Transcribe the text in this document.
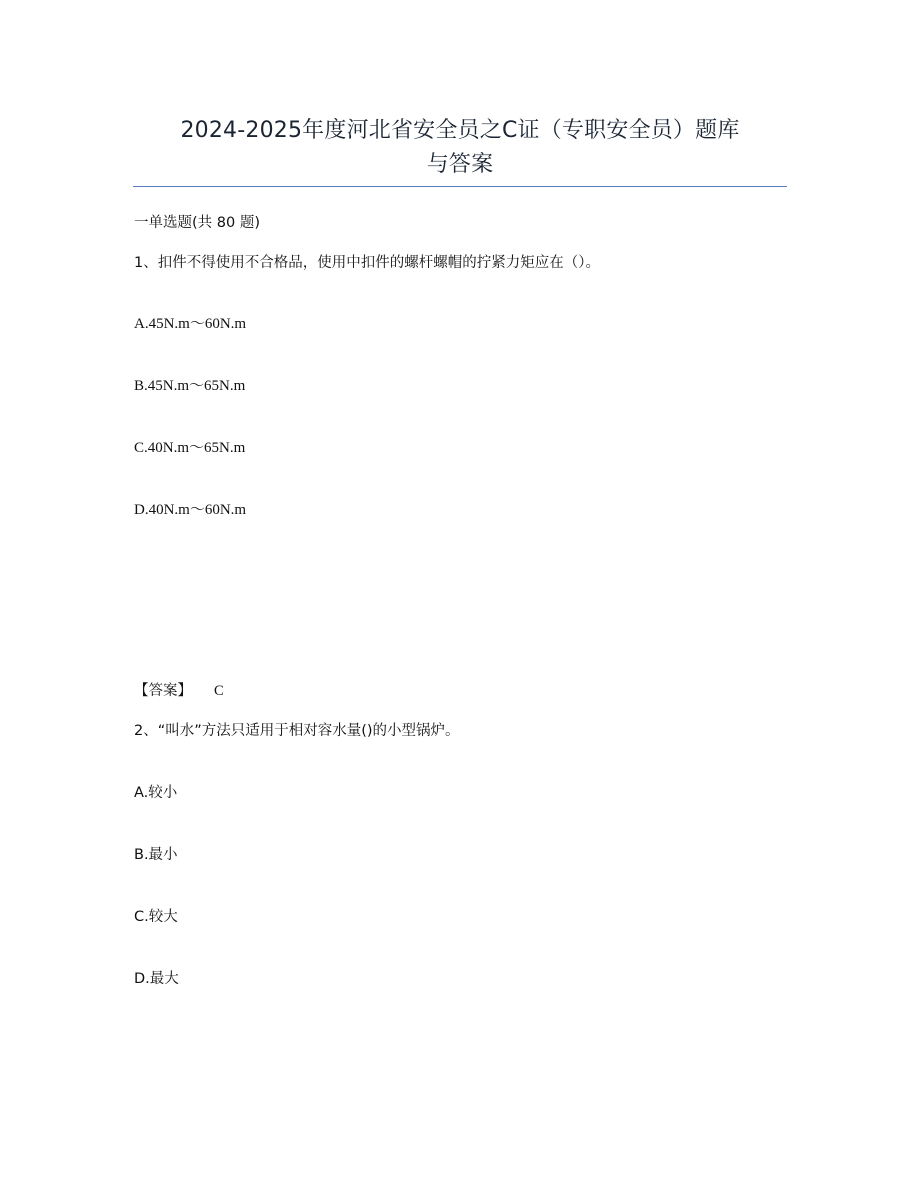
2024-2025年度河北省安全员之C证（专职安全员）题库
与答案
一单选题(共 80 题)
1、扣件不得使用不合格品，使用中扣件的螺杆螺帽的拧紧力矩应在（）。
A.45N.m～60N.m
B.45N.m～65N.m
C.40N.m～65N.m
D.40N.m～60N.m
【答案】 C
2、“叫水”方法只适用于相对容水量()的小型锅炉。
A.较小
B.最小
C.较大
D.最大
